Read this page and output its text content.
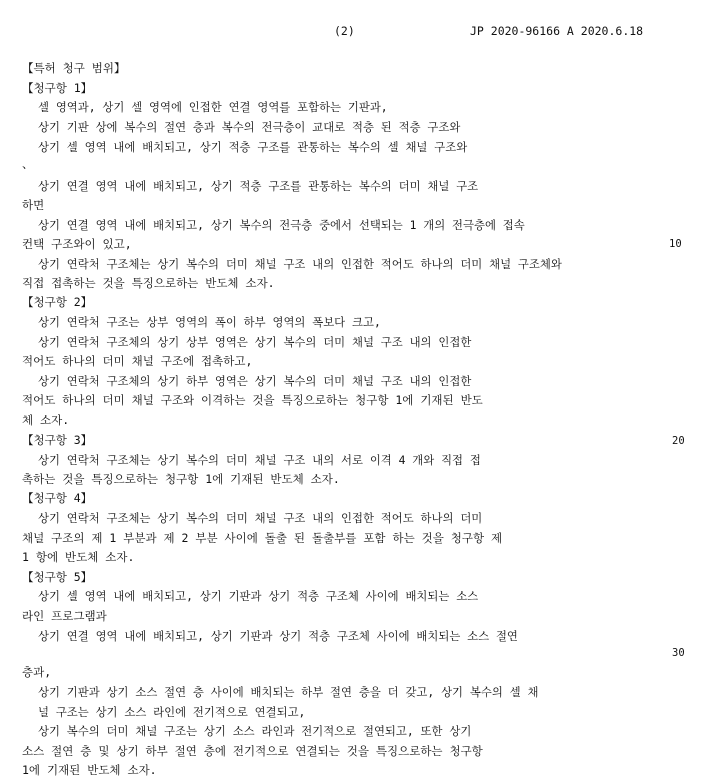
(2)	JP 2020-96166 A 2020.6.18
【특허 청구 범위】
【청구항 1】
셀 영역과, 상기 셀 영역에 인접한 연결 영역를 포함하는 기판과,
상기 기판 상에 복수의 절연 층과 복수의 전극층이 교대로 적층 된 적층 구조와
상기 셀 영역 내에 배치되고, 상기 적층 구조를 관통하는 복수의 셀 채널 구조와
、
상기 연결 영역 내에 배치되고, 상기 적층 구조를 관통하는 복수의 더미 채널 구조
하면
상기 연결 영역 내에 배치되고, 상기 복수의 전극층 중에서 선택되는 1 개의 전극층에 접속
컨택 구조와이 있고,
상기 연락처 구조체는 상기 복수의 더미 채널 구조 내의 인접한 적어도 하나의 더미 채널 구조체와
직접 접촉하는 것을 특징으로하는 반도체 소자.
【청구항 2】
상기 연락처 구조는 상부 영역의 폭이 하부 영역의 폭보다 크고,
상기 연락처 구조체의 상기 상부 영역은 상기 복수의 더미 채널 구조 내의 인접한
적어도 하나의 더미 채널 구조에 접촉하고,
상기 연락처 구조체의 상기 하부 영역은 상기 복수의 더미 채널 구조 내의 인접한
적어도 하나의 더미 채널 구조와 이격하는 것을 특징으로하는 청구항 1에 기재된 반도
체 소자.
【청구항 3】
상기 연락처 구조체는 상기 복수의 더미 채널 구조 내의 서로 이격 4 개와 직접 접
촉하는 것을 특징으로하는 청구항 1에 기재된 반도체 소자.
【청구항 4】
상기 연락처 구조체는 상기 복수의 더미 채널 구조 내의 인접한 적어도 하나의 더미
채널 구조의 제 1 부분과 제 2 부분 사이에 돌출 된 돌출부를 포함 하는 것을 청구항 제
1 항에 반도체 소자.
【청구항 5】
상기 셀 영역 내에 배치되고, 상기 기판과 상기 적층 구조체 사이에 배치되는 소스
라인 프로그램과
상기 연결 영역 내에 배치되고, 상기 기판과 상기 적층 구조체 사이에 배치되는 소스 절연
층과,
상기 기판과 상기 소스 절연 층 사이에 배치되는 하부 절연 층을 더 갖고, 상기 복수의 셀 채
널 구조는 상기 소스 라인에 전기적으로 연결되고,
상기 복수의 더미 채널 구조는 상기 소스 라인과 전기적으로 절연되고, 또한 상기
소스 절연 층 및 상기 하부 절연 층에 전기적으로 연결되는 것을 특징으로하는 청구항
1에 기재된 반도체 소자.
10
20
30
